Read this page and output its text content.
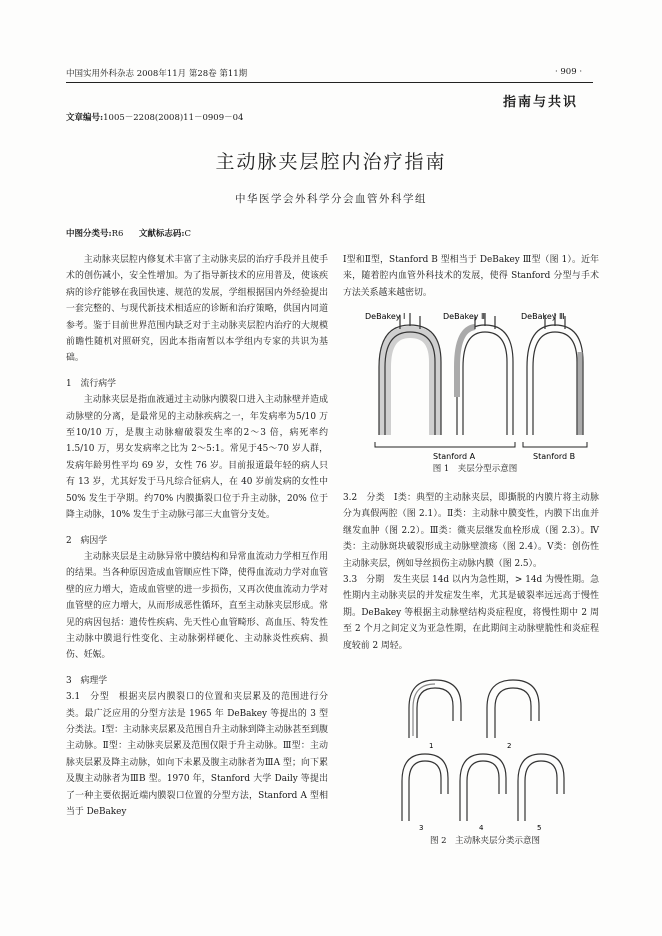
中国实用外科杂志 2008年11月 第28卷 第11期	· 909 ·
指南与共识
文章编号:1005－2208(2008)11－0909－04
主动脉夹层腔内治疗指南
中华医学会外科学分会血管外科学组
中图分类号:R6 文献标志码:C

主动脉夹层腔内修复术丰富了主动脉夹层的治疗手段并且使手术的创伤减小，安全性增加。为了指导新技术的应用普及，使该疾病的诊疗能够在我国快速、规范的发展，学组根据国内外经验提出一套完整的、与现代新技术相适应的诊断和治疗策略，供国内同道参考。鉴于目前世界范围内缺乏对于主动脉夹层腔内治疗的大规模前瞻性随机对照研究，因此本指南暂以本学组内专家的共识为基础。

1　流行病学

主动脉夹层是指血液通过主动脉内膜裂口进入主动脉壁并造成动脉壁的分离，是最常见的主动脉疾病之一，年发病率为5/10 万至10/10 万，是腹主动脉瘤破裂发生率的2～3 倍，病死率约 1.5/10 万，男女发病率之比为 2～5:1。常见于45～70 岁人群，发病年龄男性平均 69 岁，女性 76 岁。目前报道最年轻的病人只有 13 岁，尤其好发于马凡综合征病人，在 40 岁前发病的女性中 50% 发生于孕期。约70% 内膜撕裂口位于升主动脉，20% 位于降主动脉，10% 发生于主动脉弓部三大血管分支处。

2　病因学

主动脉夹层是主动脉异常中膜结构和异常血流动力学相互作用的结果。当各种原因造成血管顺应性下降，使得血流动力学对血管壁的应力增大，造成血管壁的进一步损伤，又再次使血流动力学对血管壁的应力增大，从而形成恶性循环，直至主动脉夹层形成。常见的病因包括：遗传性疾病、先天性心血管畸形、高血压、特发性主动脉中膜退行性变化、主动脉粥样硬化、主动脉炎性疾病、损伤、妊娠。

3　病理学

3.1　分型　根据夹层内膜裂口的位置和夹层累及的范围进行分类。最广泛应用的分型方法是 1965 年 DeBakey 等提出的 3 型分类法。Ⅰ型：主动脉夹层累及范围自升主动脉到降主动脉甚至到腹主动脉。Ⅱ型：主动脉夹层累及范围仅限于升主动脉。Ⅲ型：主动脉夹层累及降主动脉，如向下未累及腹主动脉者为ⅢA 型；向下累及腹主动脉者为ⅢB 型。1970 年，Stanford 大学 Daily 等提出了一种主要依据近端内膜裂口位置的分型方法，Stanford A 型相当于 DeBakey

Ⅰ型和Ⅱ型，Stanford B 型相当于 DeBakey Ⅲ型（图 1）。近年来，随着腔内血管外科技术的发展，使得 Stanford 分型与手术方法关系越来越密切。

DeBakey Ⅰ	DeBakey Ⅱ	DeBakey Ⅲ
Stanford A	Stanford B
图 1　夹层分型示意图

3.2　分类　Ⅰ类：典型的主动脉夹层，即撕脱的内膜片将主动脉分为真假两腔（图 2.1）。Ⅱ类：主动脉中膜变性，内膜下出血并继发血肿（图 2.2）。Ⅲ类：微夹层继发血栓形成（图 2.3）。Ⅳ类：主动脉斑块破裂形成主动脉壁溃疡（图 2.4）。Ⅴ类：创伤性主动脉夹层，例如导丝损伤主动脉内膜（图 2.5）。

3.3　分期　发生夹层 14d 以内为急性期，> 14d 为慢性期。急性期内主动脉夹层的并发症发生率，尤其是破裂率远远高于慢性期。DeBakey 等根据主动脉壁结构炎症程度，将慢性期中 2 周至 2 个月之间定义为亚急性期，在此期间主动脉壁脆性和炎症程度较前 2 周轻。

1	2
3	4	5
图 2　主动脉夹层分类示意图
